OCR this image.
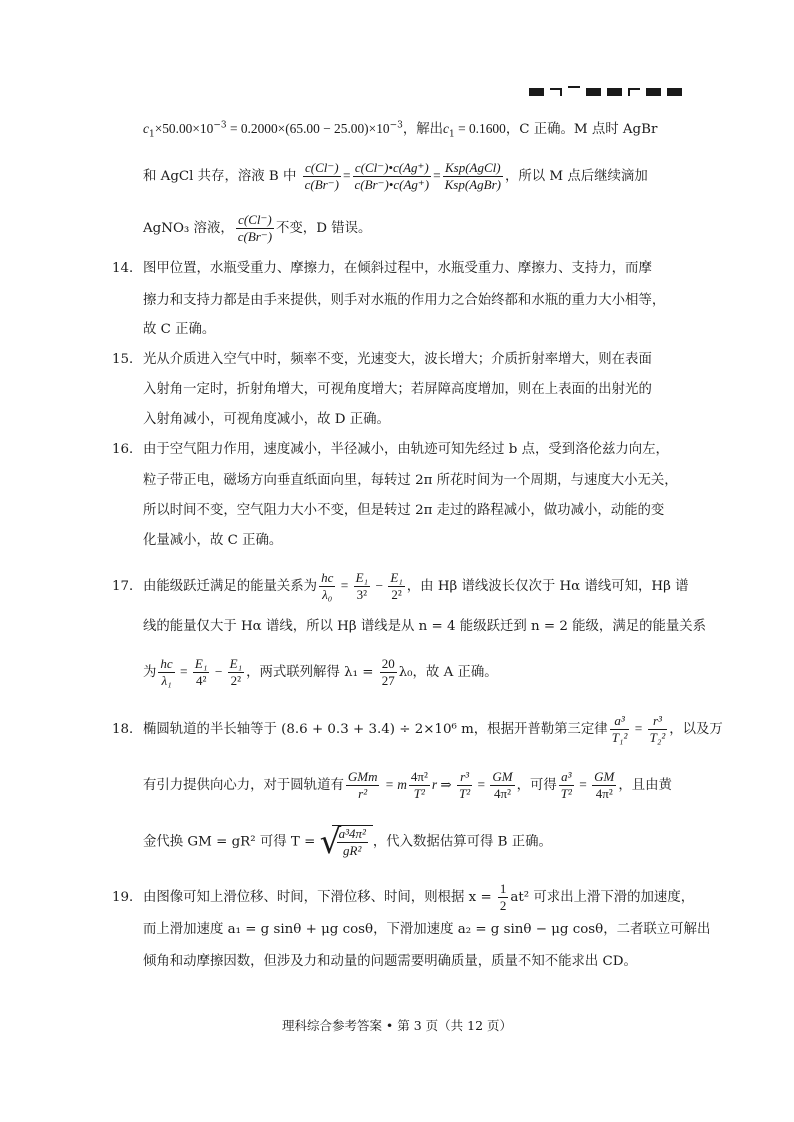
$c_1\times 50.00\times 10^{-3} = 0.2000\times(65.00 - 25.00)\times 10^{-3}$，解出$c_1 = 0.1600$，C 正确。M 点时 AgBr
和 AgCl 共存，溶液 B 中 $\frac{c(Cl^-)}{c(Br^-)} = \frac{c(Cl^-)•c(Ag^+)}{c(Br^-)•c(Ag^+)} = \frac{\text{Ksp(AgCl)}}{\text{Ksp(AgBr)}}$ ，所以 M 点后继续滴加
AgNO₃ 溶液， $\frac{c(Cl^-)}{c(Br^-)}$ 不变，D 错误。
14．图甲位置，水瓶受重力、摩擦力，在倾斜过程中，水瓶受重力、摩擦力、支持力，而摩
擦力和支持力都是由手来提供，则手对水瓶的作用力之合始终都和水瓶的重力大小相等，
故 C 正确。
15．光从介质进入空气中时，频率不变，光速变大，波长增大；介质折射率增大，则在表面
入射角一定时，折射角增大，可视角度增大；若屏障高度增加，则在上表面的出射光的
入射角减小，可视角度减小，故 D 正确。
16．由于空气阻力作用，速度减小，半径减小，由轨迹可知先经过 b 点，受到洛伦兹力向左，
粒子带正电，磁场方向垂直纸面向里，每转过 2π 所花时间为一个周期，与速度大小无关，
所以时间不变，空气阻力大小不变，但是转过 2π 走过的路程减小，做功减小，动能的变
化量减小，故 C 正确。
17．由能级跃迁满足的能量关系为 $\frac{hc}{\text{λ₀}} = \frac{\text{E₁}}{\text{3²}} - \frac{\text{E₁}}{\text{2²}}$ ，由 Hβ 谱线波长仅次于 Hα 谱线可知，Hβ 谱
线的能量仅大于 Hα 谱线，所以 Hβ 谱线是从 n = 4 能级跃迁到 n = 2 能级，满足的能量关系
为 $\frac{hc}{\text{λ₁}} = \frac{\text{E₁}}{\text{4²}} - \frac{\text{E₁}}{\text{2²}}$ ，两式联列解得 $\lambda_1 = \frac{20}{27} \lambda_0$，故 A 正确。
18．椭圆轨道的半长轴等于 (8.6 + 0.3 + 3.4) ÷ 2×10⁶ m，根据开普勒第三定律 $\frac{\text{a³}}{\text{T₁²}} = \frac{\text{r³}}{\text{T₂²}}$ ，以及万
有引力提供向心力，对于圆轨道有 $\frac{\text{GMm}}{\text{r²}} = m \frac{\text{4π²}}{\text{T²}}$ r ⇒ $\frac{\text{r³}}{\text{T²}} = \frac{GM}{\text{4π²}}$ ，可得 $\frac{\text{a³}}{\text{T²}} = \frac{GM}{\text{4π²}}$ ，且由黄
金代换 GM = gR² 可得 T = √
$\frac{\text{a³4π²}}{\text{gR²}}$ ，代入数据估算可得 B 正确。
19．由图像可知上滑位移、时间，下滑位移、时间，则根据 $x = \frac{1}{2} at^2$ 可求出上滑下滑的加速度，
而上滑加速度 a₁ = g sinθ + μg cosθ，下滑加速度 a₂ = g sinθ − μg cosθ，二者联立可解出
倾角和动摩擦因数，但涉及力和动量的问题需要明确质量，质量不知不能求出 CD。
理科综合参考答案 • 第 3 页（共 12 页）
